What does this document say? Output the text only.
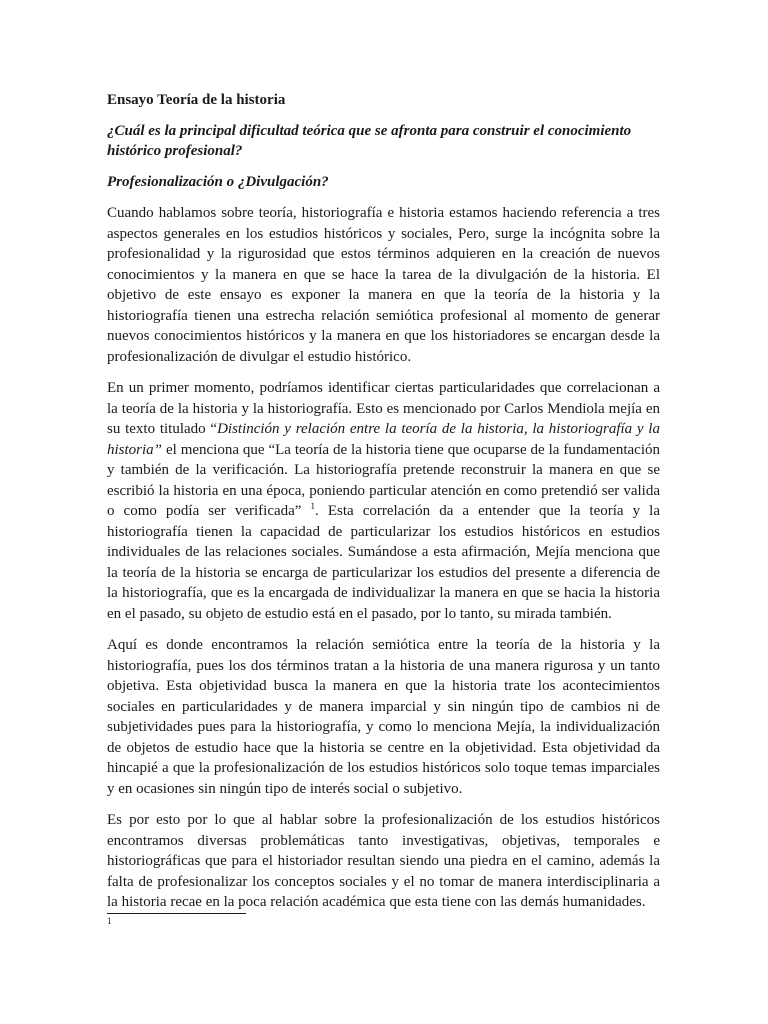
Ensayo Teoría de la historia

¿Cuál es la principal dificultad teórica que se afronta para construir el conocimiento histórico profesional?

Profesionalización o ¿Divulgación?

Cuando hablamos sobre teoría, historiografía e historia estamos haciendo referencia a tres aspectos generales en los estudios históricos y sociales, Pero, surge la incógnita sobre la profesionalidad y la rigurosidad que estos términos adquieren en la creación de nuevos conocimientos y la manera en que se hace la tarea de la divulgación de la historia. El objetivo de este ensayo es exponer la manera en que la teoría de la historia y la historiografía tienen una estrecha relación semiótica profesional al momento de generar nuevos conocimientos históricos y la manera en que los historiadores se encargan desde la profesionalización de divulgar el estudio histórico.

En un primer momento, podríamos identificar ciertas particularidades que correlacionan a la teoría de la historia y la historiografía. Esto es mencionado por Carlos Mendiola mejía en su texto titulado “Distinción y relación entre la teoría de la historia, la historiografía y la historia” el menciona que “La teoría de la historia tiene que ocuparse de la fundamentación y también de la verificación. La historiografía pretende reconstruir la manera en que se escribió la historia en una época, poniendo particular atención en como pretendió ser valida o como podía ser verificada” $^1$. Esta correlación da a entender que la teoría y la historiografía tienen la capacidad de particularizar los estudios históricos en estudios individuales de las relaciones sociales. Sumándose a esta afirmación, Mejía menciona que la teoría de la historia se encarga de particularizar los estudios del presente a diferencia de la historiografía, que es la encargada de individualizar la manera en que se hacia la historia en el pasado, su objeto de estudio está en el pasado, por lo tanto, su mirada también.

Aquí es donde encontramos la relación semiótica entre la teoría de la historia y la historiografía, pues los dos términos tratan a la historia de una manera rigurosa y un tanto objetiva. Esta objetividad busca la manera en que la historia trate los acontecimientos sociales en particularidades y de manera imparcial y sin ningún tipo de cambios ni de subjetividades pues para la historiografía, y como lo menciona Mejía, la individualización de objetos de estudio hace que la historia se centre en la objetividad. Esta objetividad da hincapié a que la profesionalización de los estudios históricos solo toque temas imparciales y en ocasiones sin ningún tipo de interés social o subjetivo.

Es por esto por lo que al hablar sobre la profesionalización de los estudios históricos encontramos diversas problemáticas tanto investigativas, objetivas, temporales e historiográficas que para el historiador resultan siendo una piedra en el camino, además la falta de profesionalizar los conceptos sociales y el no tomar de manera interdisciplinaria a la historia recae en la poca relación académica que esta tiene con las demás humanidades.

1
